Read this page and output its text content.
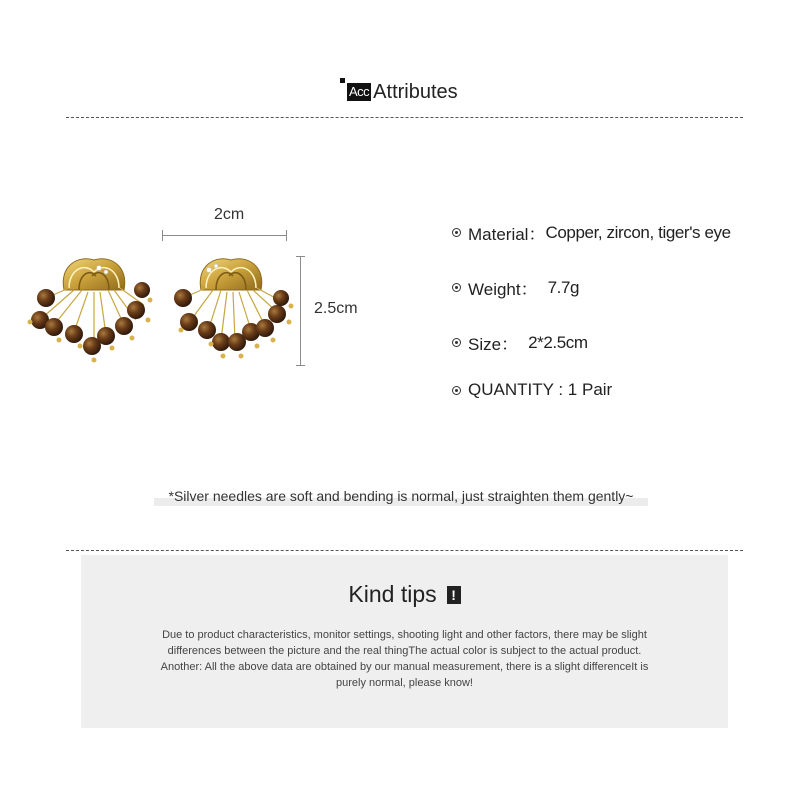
Acc Attributes
2cm
2.5cm
Material： Copper, zircon, tiger's eye
Weight： 7.7g
Size： 2*2.5cm
QUANTITY : 1 Pair
*Silver needles are soft and bending is normal, just straighten them gently~
Kind tips !
Due to product characteristics, monitor settings, shooting light and other factors, there may be slight
differences between the picture and the real thingThe actual color is subject to the actual product.
Another: All the above data are obtained by our manual measurement, there is a slight differenceIt is
purely normal, please know!
